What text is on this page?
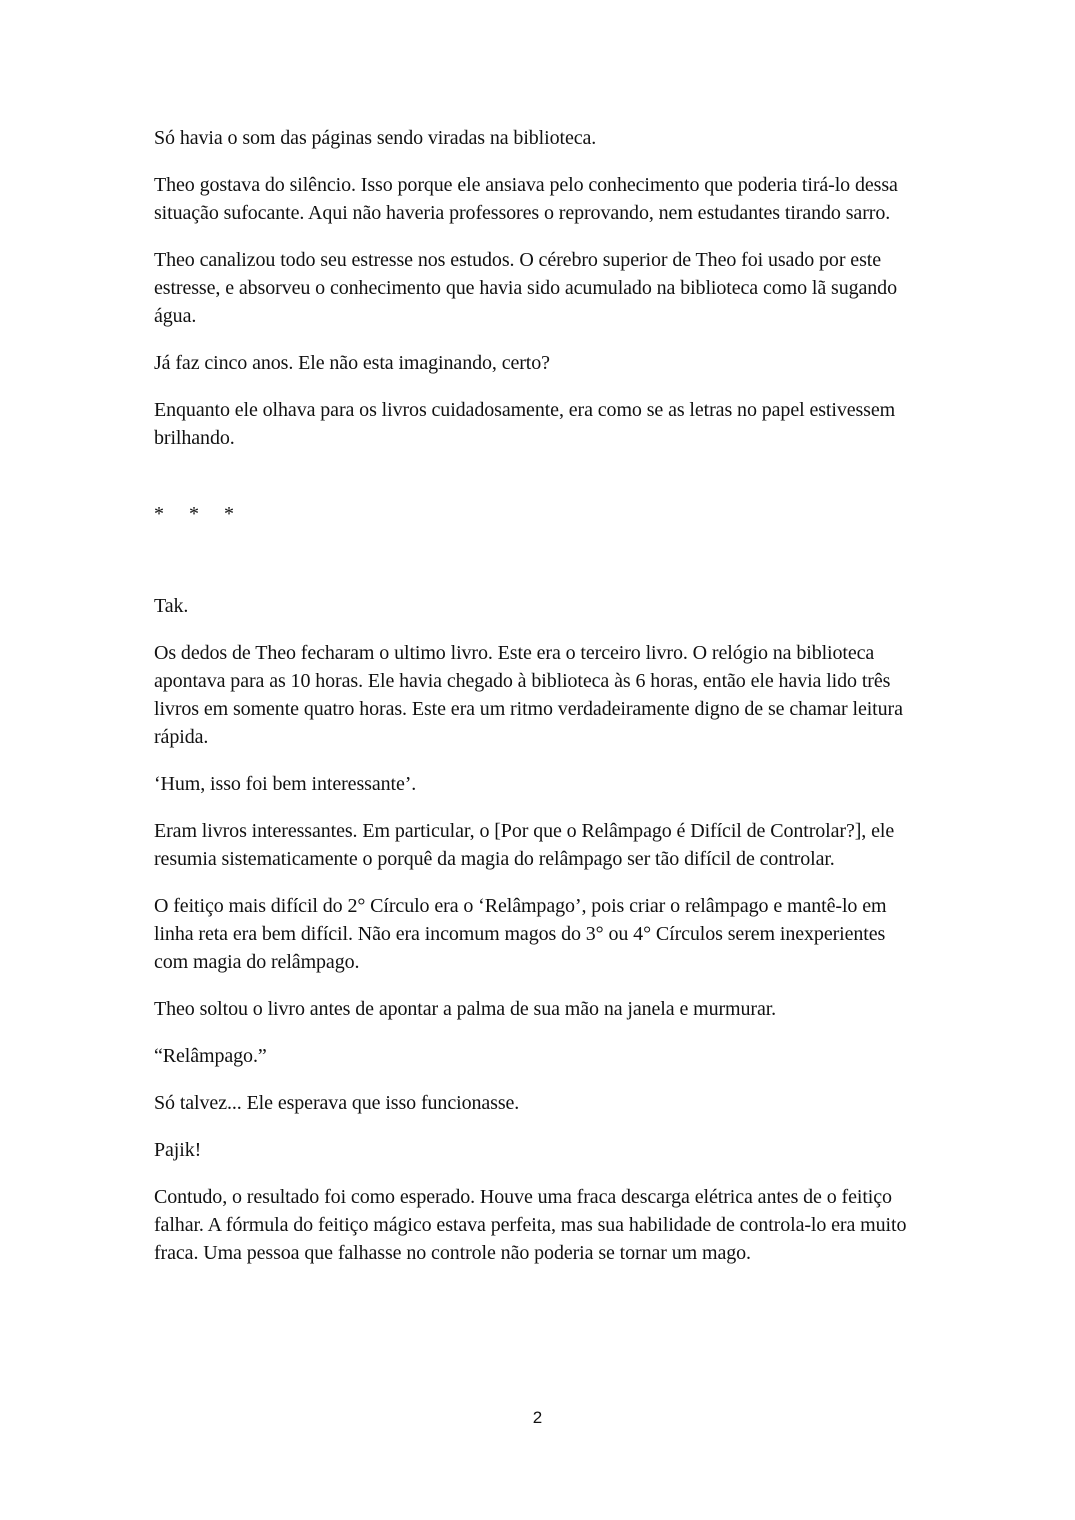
Só havia o som das páginas sendo viradas na biblioteca.

Theo gostava do silêncio. Isso porque ele ansiava pelo conhecimento que poderia tirá-lo dessa situação sufocante. Aqui não haveria professores o reprovando, nem estudantes tirando sarro.

Theo canalizou todo seu estresse nos estudos. O cérebro superior de Theo foi usado por este estresse, e absorveu o conhecimento que havia sido acumulado na biblioteca como lã sugando água.

Já faz cinco anos. Ele não esta imaginando, certo?

Enquanto ele olhava para os livros cuidadosamente, era como se as letras no papel estivessem brilhando.

* * *

Tak.

Os dedos de Theo fecharam o ultimo livro. Este era o terceiro livro. O relógio na biblioteca apontava para as 10 horas. Ele havia chegado à biblioteca às 6 horas, então ele havia lido três livros em somente quatro horas. Este era um ritmo verdadeiramente digno de se chamar leitura rápida.

‘Hum, isso foi bem interessante’.

Eram livros interessantes. Em particular, o [Por que o Relâmpago é Difícil de Controlar?], ele resumia sistematicamente o porquê da magia do relâmpago ser tão difícil de controlar.

O feitiço mais difícil do 2° Círculo era o ‘Relâmpago’, pois criar o relâmpago e mantê-lo em linha reta era bem difícil. Não era incomum magos do 3° ou 4° Círculos serem inexperientes com magia do relâmpago.

Theo soltou o livro antes de apontar a palma de sua mão na janela e murmurar.

“Relâmpago.”

Só talvez... Ele esperava que isso funcionasse.

Pajik!

Contudo, o resultado foi como esperado. Houve uma fraca descarga elétrica antes de o feitiço falhar. A fórmula do feitiço mágico estava perfeita, mas sua habilidade de controla-lo era muito fraca. Uma pessoa que falhasse no controle não poderia se tornar um mago.

2
